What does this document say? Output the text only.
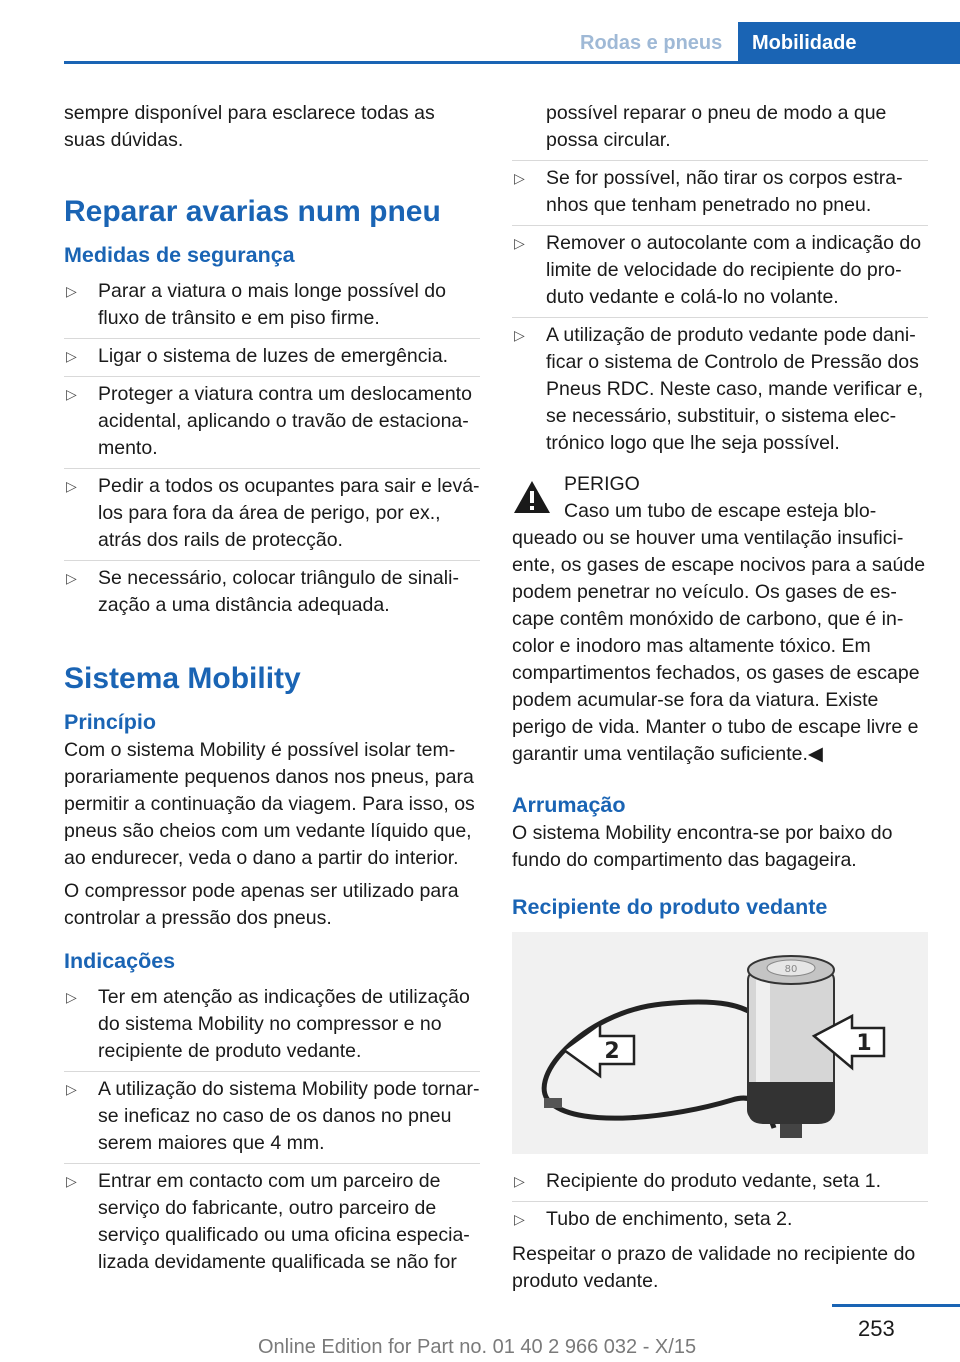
Rodas e pneus	Mobilidade

sempre disponível para esclarece todas as suas dúvidas.

Reparar avarias num pneu
Medidas de segurança
▷ Parar a viatura o mais longe possível do fluxo de trânsito e em piso firme.
▷ Ligar o sistema de luzes de emergência.
▷ Proteger a viatura contra um deslocamento acidental, aplicando o travão de estacionamento.
▷ Pedir a todos os ocupantes para sair e levá-los para fora da área de perigo, por ex., atrás dos rails de protecção.
▷ Se necessário, colocar triângulo de sinalização a uma distância adequada.
Sistema Mobility
Princípio

Com o sistema Mobility é possível isolar temporariamente pequenos danos nos pneus, para permitir a continuação da viagem. Para isso, os pneus são cheios com um vedante líquido que, ao endurecer, veda o dano a partir do interior.

O compressor pode apenas ser utilizado para controlar a pressão dos pneus.

Indicações
▷ Ter em atenção as indicações de utilização do sistema Mobility no compressor e no recipiente de produto vedante.
▷ A utilização do sistema Mobility pode tornar-se ineficaz no caso de os danos no pneu serem maiores que 4 mm.
▷ Entrar em contacto com um parceiro de serviço do fabricante, outro parceiro de serviço qualificado ou uma oficina especializada devidamente qualificada se não for
possível reparar o pneu de modo a que possa circular.
▷ Se for possível, não tirar os corpos estranhos que tenham penetrado no pneu.
▷ Remover o autocolante com a indicação do limite de velocidade do recipiente do produto vedante e colá-lo no volante.
▷ A utilização de produto vedante pode danificar o sistema de Controlo de Pressão dos Pneus RDC. Neste caso, mande verificar e, se necessário, substituir, o sistema electrónico logo que lhe seja possível.
PERIGO

Caso um tubo de escape esteja bloqueado ou se houver uma ventilação insuficiente, os gases de escape nocivos para a saúde podem penetrar no veículo. Os gases de escape contêm monóxido de carbono, que é incolor e inodoro mas altamente tóxico. Em compartimentos fechados, os gases de escape podem acumular-se fora da viatura. Existe perigo de vida. Manter o tubo de escape livre e garantir uma ventilação suficiente.◀

Arrumação

O sistema Mobility encontra-se por baixo do fundo do compartimento das bagageira.

Recipiente do produto vedante
80
2	1
▷ Recipiente do produto vedante, seta 1.
▷ Tubo de enchimento, seta 2.

Respeitar o prazo de validade no recipiente do produto vedante.

253
Online Edition for Part no. 01 40 2 966 032 - X/15
